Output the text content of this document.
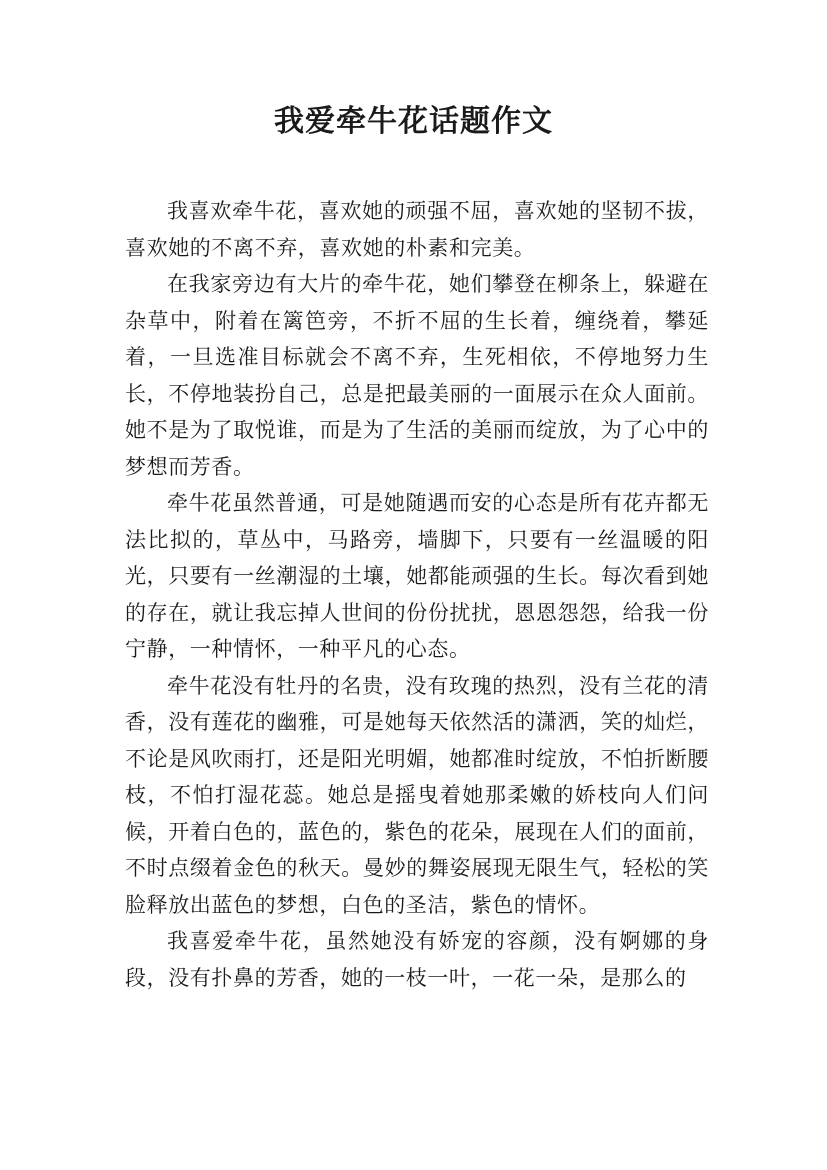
我爱牵牛花话题作文

我喜欢牵牛花，喜欢她的顽强不屈，喜欢她的坚韧不拔，喜欢她的不离不弃，喜欢她的朴素和完美。

在我家旁边有大片的牵牛花，她们攀登在柳条上，躲避在杂草中，附着在篱笆旁，不折不屈的生长着，缠绕着，攀延着，一旦选准目标就会不离不弃，生死相依，不停地努力生长，不停地装扮自己，总是把最美丽的一面展示在众人面前。她不是为了取悦谁，而是为了生活的美丽而绽放，为了心中的梦想而芳香。

牵牛花虽然普通，可是她随遇而安的心态是所有花卉都无法比拟的，草丛中，马路旁，墙脚下，只要有一丝温暖的阳光，只要有一丝潮湿的土壤，她都能顽强的生长。每次看到她的存在，就让我忘掉人世间的份份扰扰，恩恩怨怨，给我一份宁静，一种情怀，一种平凡的心态。

牵牛花没有牡丹的名贵，没有玫瑰的热烈，没有兰花的清香，没有莲花的幽雅，可是她每天依然活的潇洒，笑的灿烂，不论是风吹雨打，还是阳光明媚，她都准时绽放，不怕折断腰枝，不怕打湿花蕊。她总是摇曳着她那柔嫩的娇枝向人们问候，开着白色的，蓝色的，紫色的花朵，展现在人们的面前，不时点缀着金色的秋天。曼妙的舞姿展现无限生气，轻松的笑脸释放出蓝色的梦想，白色的圣洁，紫色的情怀。

我喜爱牵牛花，虽然她没有娇宠的容颜，没有婀娜的身段，没有扑鼻的芳香，她的一枝一叶，一花一朵，是那么的
